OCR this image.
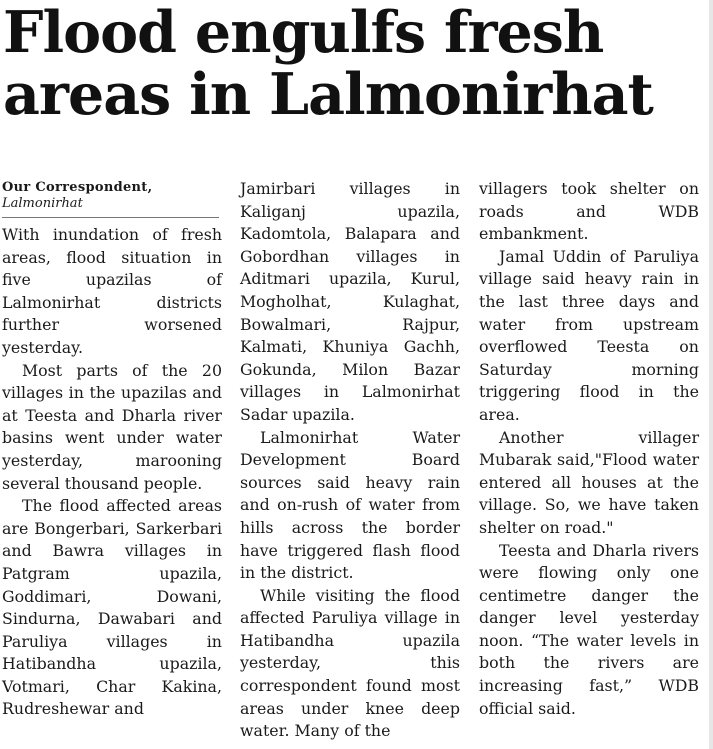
Flood engulfs fresh
areas in Lalmonirhat
Our Correspondent,
Lalmonirhat

With inundation of fresh areas, flood situation in five upazilas of Lalmonirhat districts further worsened yesterday.

Most parts of the 20 villages in the upazilas and at Teesta and Dharla river basins went under water yesterday, marooning several thousand people.

The flood affected areas are Bongerbari, Sarkerbari and Bawra villages in Patgram upazila, Goddimari, Dowani, Sindurna, Dawabari and Paruliya villages in Hatibandha upazila, Votmari, Char Kakina, Rudreshewar and

Jamirbari villages in Kaliganj upazila, Kadomtola, Balapara and Gobordhan villages in Aditmari upazila, Kurul, Mogholhat, Kulaghat, Bowalmari, Rajpur, Kalmati, Khuniya Gachh, Gokunda, Milon Bazar villages in Lalmonirhat Sadar upazila.

Lalmonirhat Water Development Board sources said heavy rain and on-rush of water from hills across the border have triggered flash flood in the district.

While visiting the flood affected Paruliya village in Hatibandha upazila yesterday, this correspondent found most areas under knee deep water. Many of the

villagers took shelter on roads and WDB embankment.

Jamal Uddin of Paruliya village said heavy rain in the last three days and water from upstream overflowed Teesta on Saturday morning triggering flood in the area.

Another villager Mubarak said,"Flood water entered all houses at the village. So, we have taken shelter on road."

Teesta and Dharla rivers were flowing only one centimetre danger the danger level yesterday noon. “The water levels in both the rivers are increasing fast,” WDB official said.
